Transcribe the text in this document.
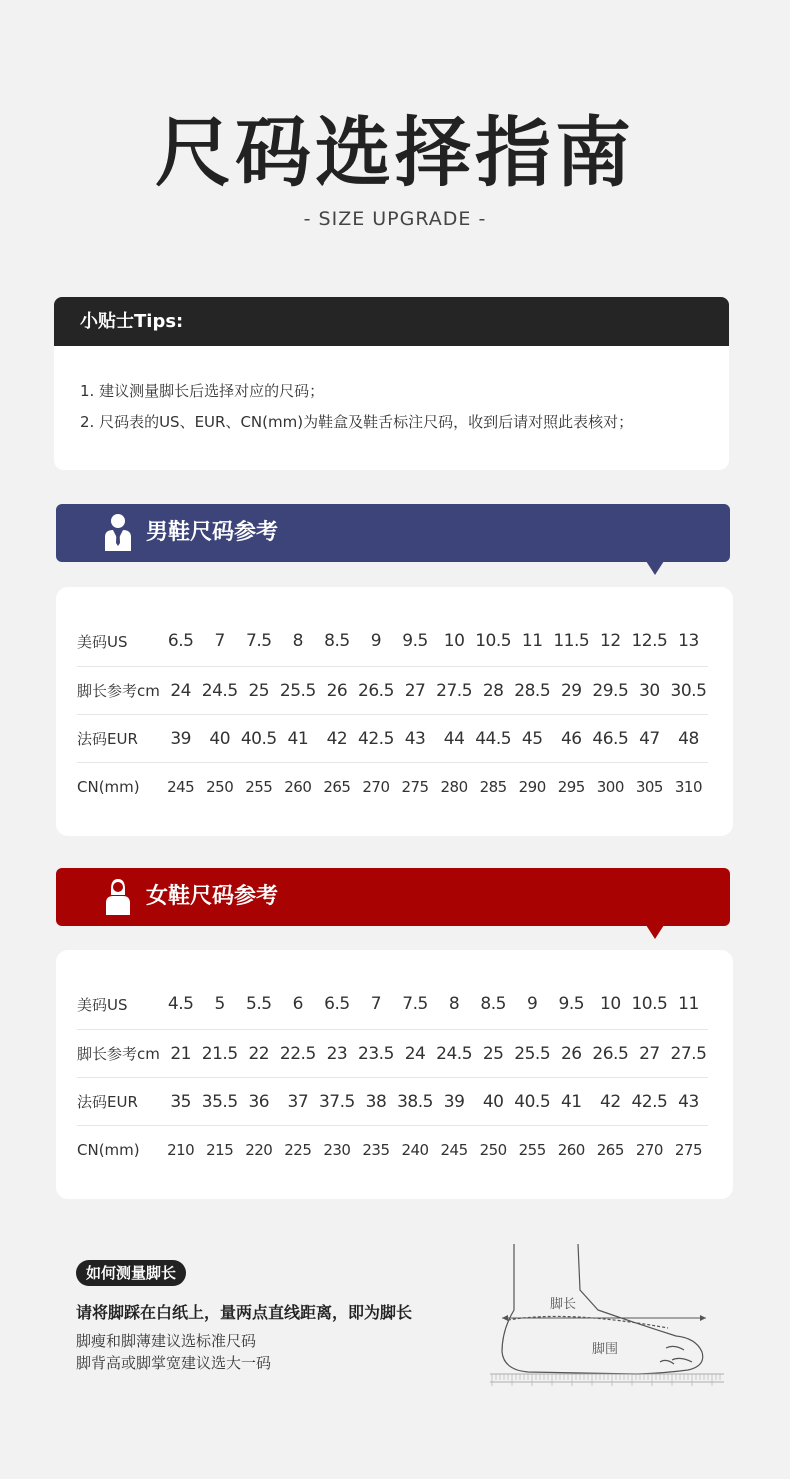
尺码选择指南
- SIZE UPGRADE -
小贴士Tips:
1. 建议测量脚长后选择对应的尺码；
2. 尺码表的US、EUR、CN(mm)为鞋盒及鞋舌标注尺码，收到后请对照此表核对；
男鞋尺码参考
美码US	6.5	7	7.5	8	8.5	9	9.5 10 10.5 11 11.5 12 12.5 13
脚长参考cm 24 24.5 25 25.5 26 26.5 27 27.5 28 28.5 29 29.5 30 30.5
法码EUR	39	40 40.5 41	42 42.5 43	44 44.5 45	46 46.5 47	48
CN(mm)	245 250 255 260 265 270 275 280 285 290 295 300 305 310
女鞋尺码参考
美码US	4.5	5	5.5	6	6.5	7	7.5	8	8.5	9	9.5 10 10.5 11
脚长参考cm 21 21.5 22 22.5 23 23.5 24 24.5 25 25.5 26 26.5 27 27.5
法码EUR	35 35.5 36	37 37.5 38 38.5 39	40 40.5 41	42 42.5 43
CN(mm)	210 215 220 225 230 235 240 245 250 255 260 265 270 275
如何测量脚长
请将脚踩在白纸上，量两点直线距离，即为脚长
脚瘦和脚薄建议选标准尺码
脚背高或脚掌宽建议选大一码
脚长
脚围
